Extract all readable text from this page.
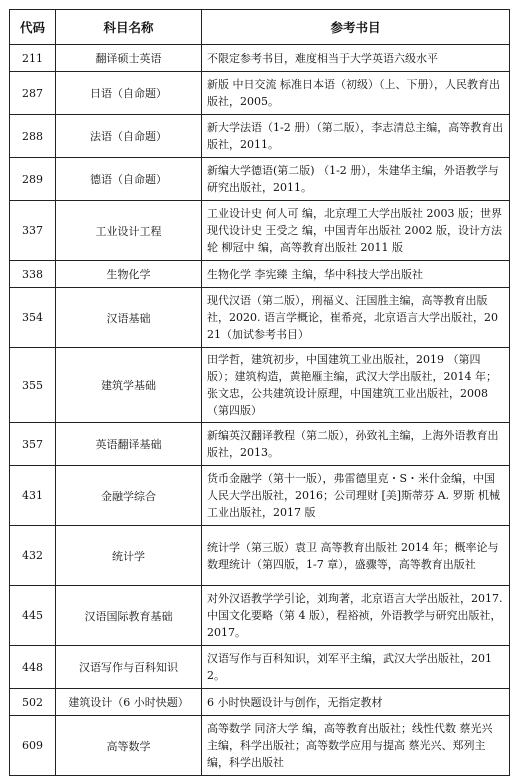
代码	科目名称	参考书目
211	翻译硕士英语	不限定参考书目，难度相当于大学英语六级水平
287	日语（自命题）	新版 中日交流 标准日本语（初级）（上、下册），人民教育出版社，2005。
288	法语（自命题）	新大学法语（1-2 册）（第二版），李志清总主编，高等教育出版社，2011。
289	德语（自命题）	新编大学德语(第二版) （1-2 册），朱建华主编，外语教学与研究出版社，2011。
337	工业设计工程	工业设计史 何人可 编，北京理工大学出版社 2003 版；世界现代设计史 王受之 编，中国青年出版社 2002 版，设计方法轮 柳冠中 编，高等教育出版社 2011 版
338	生物化学	生物化学 李宪臻 主编，华中科技大学出版社
354	汉语基础	现代汉语（第二版），刑福义、汪国胜主编，高等教育出版社，2020. 语言学概论，崔希亮，北京语言大学出版社，2021（加试参考书目）
355	建筑学基础	田学哲，建筑初步，中国建筑工业出版社，2019 （第四版）；建筑构造，黄艳雁主编，武汉大学出版社，2014 年；张文忠，公共建筑设计原理，中国建筑工业出版社，2008（第四版）
357	英语翻译基础	新编英汉翻译教程（第二版），孙致礼主编，上海外语教育出版社，2013。
431	金融学综合	货币金融学（第十一版），弗雷德里克・S・米什金编，中国人民大学出版社，2016；公司理财 [美]斯蒂芬 A. 罗斯 机械工业出版社，2017 版
432	统计学	统计学（第三版）袁卫 高等教育出版社 2014 年；概率论与数理统计（第四版，1-7 章），盛骤等，高等教育出版社
445	汉语国际教育基础	对外汉语教学学引论，刘珣著，北京语言大学出版社，2017. 中国文化要略（第 4 版），程裕祯，外语教学与研究出版社，2017。
448	汉语写作与百科知识	汉语写作与百科知识，刘军平主编，武汉大学出版社，2012。
502	建筑设计（6 小时快题）	6 小时快题设计与创作，无指定教材
609	高等数学	高等数学 同济大学 编，高等教育出版社；线性代数 蔡光兴 主编，科学出版社；高等数学应用与提高 蔡光兴、郑列主编，科学出版社
